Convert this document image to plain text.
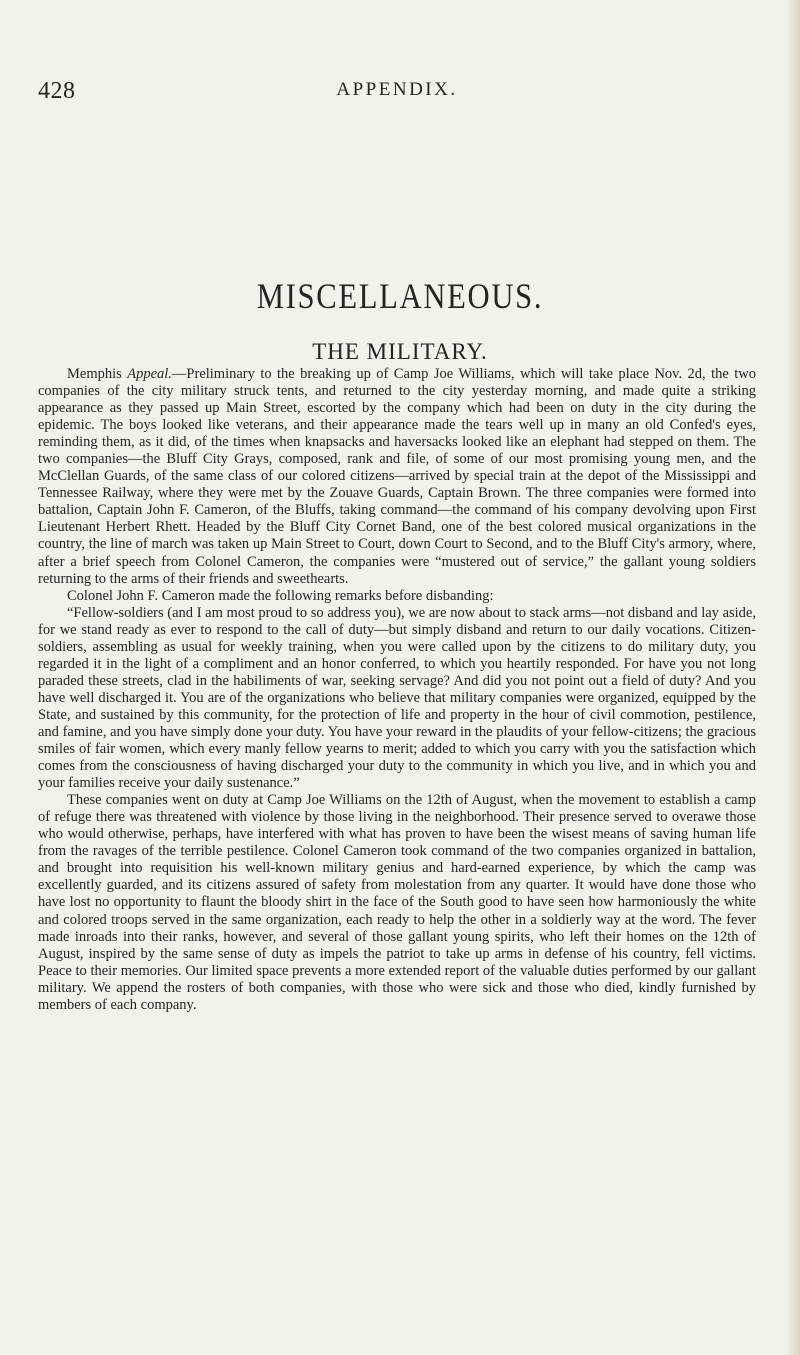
428	APPENDIX.
MISCELLANEOUS.
THE MILITARY.

Memphis Appeal.—Preliminary to the breaking up of Camp Joe Williams, which will take place Nov. 2d, the two companies of the city military struck tents, and returned to the city yesterday morning, and made quite a striking appearance as they passed up Main Street, escorted by the company which had been on duty in the city during the epidemic. The boys looked like veterans, and their appearance made the tears well up in many an old Confed's eyes, reminding them, as it did, of the times when knapsacks and haversacks looked like an elephant had stepped on them. The two companies—the Bluff City Grays, composed, rank and file, of some of our most promising young men, and the McClellan Guards, of the same class of our colored citizens—arrived by special train at the depot of the Mississippi and Tennessee Railway, where they were met by the Zouave Guards, Captain Brown. The three companies were formed into battalion, Captain John F. Cameron, of the Bluffs, taking command—the command of his company devolving upon First Lieutenant Herbert Rhett. Headed by the Bluff City Cornet Band, one of the best colored musical organizations in the country, the line of march was taken up Main Street to Court, down Court to Second, and to the Bluff City's armory, where, after a brief speech from Colonel Cameron, the companies were “mustered out of service,” the gallant young soldiers returning to the arms of their friends and sweethearts.

Colonel John F. Cameron made the following remarks before disbanding:

“Fellow-soldiers (and I am most proud to so address you), we are now about to stack arms—not disband and lay aside, for we stand ready as ever to respond to the call of duty—but simply disband and return to our daily vocations. Citizen-soldiers, assembling as usual for weekly training, when you were called upon by the citizens to do military duty, you regarded it in the light of a compliment and an honor conferred, to which you heartily responded. For have you not long paraded these streets, clad in the habiliments of war, seeking servage? And did you not point out a field of duty? And you have well discharged it. You are of the organizations who believe that military companies were organized, equipped by the State, and sustained by this community, for the protection of life and property in the hour of civil commotion, pestilence, and famine, and you have simply done your duty. You have your reward in the plaudits of your fellow-citizens; the gracious smiles of fair women, which every manly fellow yearns to merit; added to which you carry with you the satisfaction which comes from the consciousness of having discharged your duty to the community in which you live, and in which you and your families receive your daily sustenance.”

These companies went on duty at Camp Joe Williams on the 12th of August, when the movement to establish a camp of refuge there was threatened with violence by those living in the neighborhood. Their presence served to overawe those who would otherwise, perhaps, have interfered with what has proven to have been the wisest means of saving human life from the ravages of the terrible pestilence. Colonel Cameron took command of the two companies organized in battalion, and brought into requisition his well-known military genius and hard-earned experience, by which the camp was excellently guarded, and its citizens assured of safety from molestation from any quarter. It would have done those who have lost no opportunity to flaunt the bloody shirt in the face of the South good to have seen how harmoniously the white and colored troops served in the same organization, each ready to help the other in a soldierly way at the word. The fever made inroads into their ranks, however, and several of those gallant young spirits, who left their homes on the 12th of August, inspired by the same sense of duty as impels the patriot to take up arms in defense of his country, fell victims. Peace to their memories. Our limited space prevents a more extended report of the valuable duties performed by our gallant military. We append the rosters of both companies, with those who were sick and those who died, kindly furnished by members of each company.
